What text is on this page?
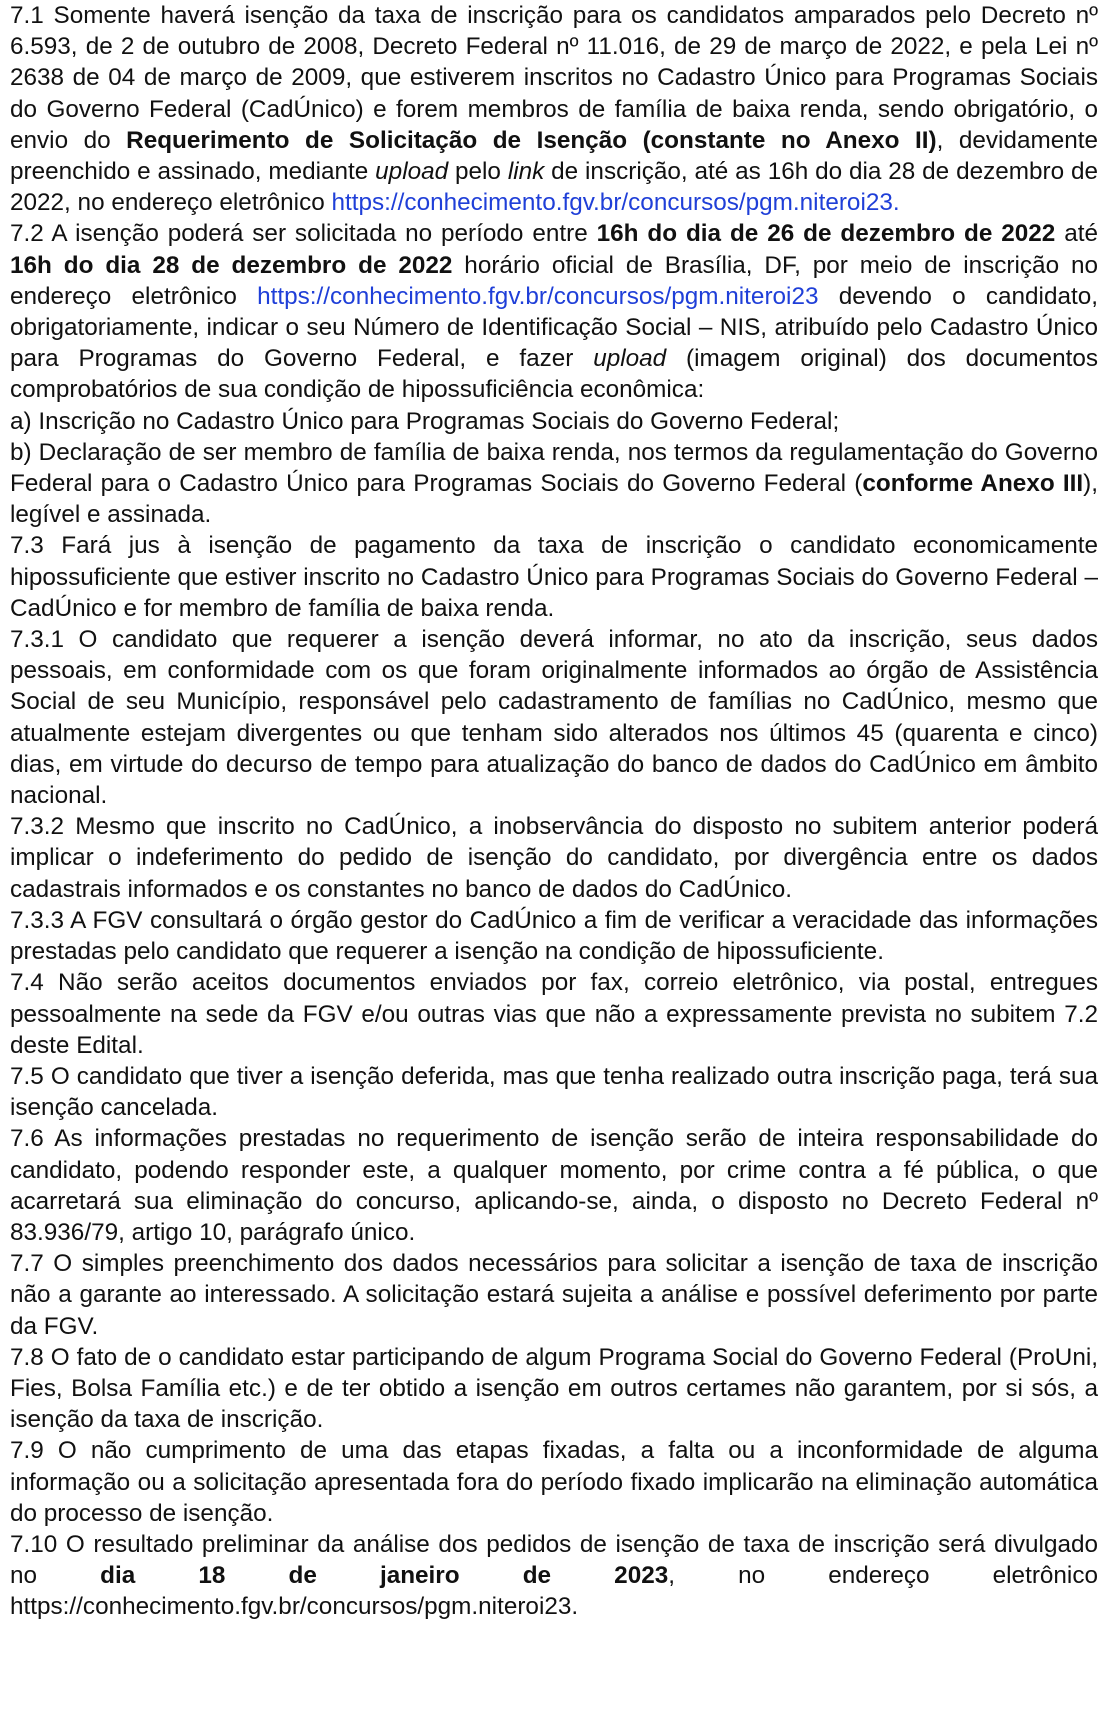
7.1 Somente haverá isenção da taxa de inscrição para os candidatos amparados pelo Decreto nº 6.593, de 2 de outubro de 2008, Decreto Federal nº 11.016, de 29 de março de 2022, e pela Lei nº 2638 de 04 de março de 2009, que estiverem inscritos no Cadastro Único para Programas Sociais do Governo Federal (CadÚnico) e forem membros de família de baixa renda, sendo obrigatório, o envio do Requerimento de Solicitação de Isenção (constante no Anexo II), devidamente preenchido e assinado, mediante upload pelo link de inscrição, até as 16h do dia 28 de dezembro de 2022, no endereço eletrônico https://conhecimento.fgv.br/concursos/pgm.niteroi23.

7.2 A isenção poderá ser solicitada no período entre 16h do dia de 26 de dezembro de 2022 até 16h do dia 28 de dezembro de 2022 horário oficial de Brasília, DF, por meio de inscrição no endereço eletrônico https://conhecimento.fgv.br/concursos/pgm.niteroi23 devendo o candidato, obrigatoriamente, indicar o seu Número de Identificação Social – NIS, atribuído pelo Cadastro Único para Programas do Governo Federal, e fazer upload (imagem original) dos documentos comprobatórios de sua condição de hipossuficiência econômica:

a) Inscrição no Cadastro Único para Programas Sociais do Governo Federal;

b) Declaração de ser membro de família de baixa renda, nos termos da regulamentação do Governo Federal para o Cadastro Único para Programas Sociais do Governo Federal (conforme Anexo III), legível e assinada.

7.3 Fará jus à isenção de pagamento da taxa de inscrição o candidato economicamente hipossuficiente que estiver inscrito no Cadastro Único para Programas Sociais do Governo Federal – CadÚnico e for membro de família de baixa renda.

7.3.1 O candidato que requerer a isenção deverá informar, no ato da inscrição, seus dados pessoais, em conformidade com os que foram originalmente informados ao órgão de Assistência Social de seu Município, responsável pelo cadastramento de famílias no CadÚnico, mesmo que atualmente estejam divergentes ou que tenham sido alterados nos últimos 45 (quarenta e cinco) dias, em virtude do decurso de tempo para atualização do banco de dados do CadÚnico em âmbito nacional.

7.3.2 Mesmo que inscrito no CadÚnico, a inobservância do disposto no subitem anterior poderá implicar o indeferimento do pedido de isenção do candidato, por divergência entre os dados cadastrais informados e os constantes no banco de dados do CadÚnico.

7.3.3 A FGV consultará o órgão gestor do CadÚnico a fim de verificar a veracidade das informações prestadas pelo candidato que requerer a isenção na condição de hipossuficiente.

7.4 Não serão aceitos documentos enviados por fax, correio eletrônico, via postal, entregues pessoalmente na sede da FGV e/ou outras vias que não a expressamente prevista no subitem 7.2 deste Edital.

7.5 O candidato que tiver a isenção deferida, mas que tenha realizado outra inscrição paga, terá sua isenção cancelada.

7.6 As informações prestadas no requerimento de isenção serão de inteira responsabilidade do candidato, podendo responder este, a qualquer momento, por crime contra a fé pública, o que acarretará sua eliminação do concurso, aplicando-se, ainda, o disposto no Decreto Federal nº 83.936/79, artigo 10, parágrafo único.

7.7 O simples preenchimento dos dados necessários para solicitar a isenção de taxa de inscrição não a garante ao interessado. A solicitação estará sujeita a análise e possível deferimento por parte da FGV.

7.8 O fato de o candidato estar participando de algum Programa Social do Governo Federal (ProUni, Fies, Bolsa Família etc.) e de ter obtido a isenção em outros certames não garantem, por si sós, a isenção da taxa de inscrição.

7.9 O não cumprimento de uma das etapas fixadas, a falta ou a inconformidade de alguma informação ou a solicitação apresentada fora do período fixado implicarão na eliminação automática do processo de isenção.

7.10 O resultado preliminar da análise dos pedidos de isenção de taxa de inscrição será divulgado no dia 18 de janeiro de 2023, no endereço eletrônico https://conhecimento.fgv.br/concursos/pgm.niteroi23.
